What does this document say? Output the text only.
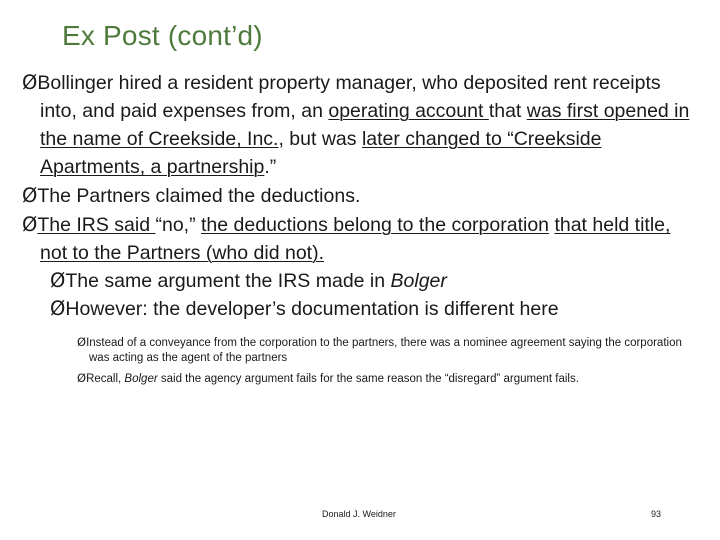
Ex Post (cont’d)
ØBollinger hired a resident property manager, who deposited rent receipts into, and paid expenses from, an operating account that was first opened in the name of Creekside, Inc., but was later changed to “Creekside Apartments, a partnership.”
ØThe Partners claimed the deductions.
ØThe IRS said “no,” the deductions belong to the corporation that held title, not to the Partners (who did not).
ØThe same argument the IRS made in Bolger
ØHowever: the developer’s documentation is different here
ØInstead of a conveyance from the corporation to the partners, there was a nominee agreement saying the corporation was acting as the agent of the partners
ØRecall, Bolger said the agency argument fails for the same reason the “disregard” argument fails.
Donald J. Weidner	93
